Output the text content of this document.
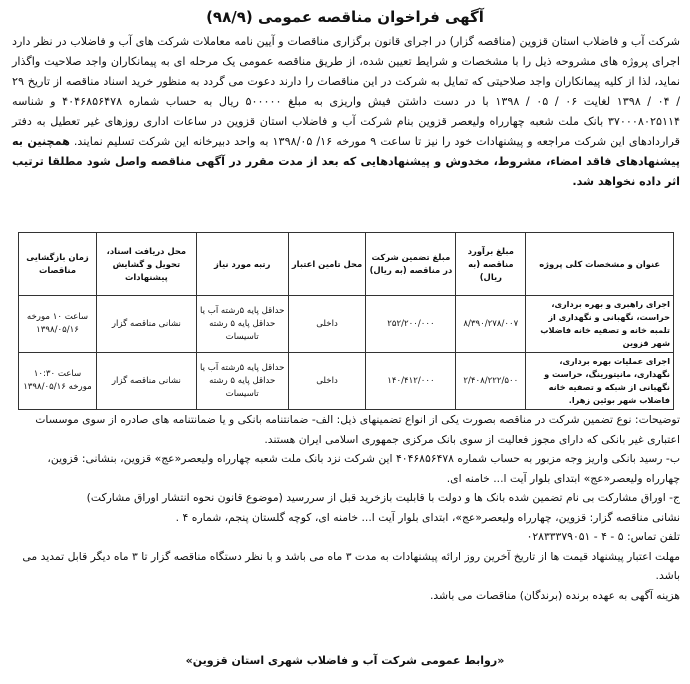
آگهی فراخوان مناقصه عمومی (۹۸/۹)
شرکت آب و فاضلاب استان قزوین (مناقصه گزار) در اجرای قانون برگزاری مناقصات و آیین نامه معاملات شرکت های آب و فاضلاب در نظر دارد اجرای پروژه های مشروحه ذیل را با مشخصات و شرایط تعیین شده، از طریق مناقصه عمومی یک مرحله ای به پیمانکاران واجد صلاحیت واگذار نماید، لذا از کلیه پیمانکاران واجد صلاحیتی که تمایل به شرکت در این مناقصات را دارند دعوت می گردد به منظور خرید اسناد مناقصه از تاریخ ۲۹ / ۰۴ / ۱۳۹۸ لغایت ۰۶ / ۰۵ / ۱۳۹۸ با در دست داشتن فیش واریزی به مبلغ ۵۰۰۰۰۰ ریال به حساب شماره ۴۰۴۶۸۵۶۴۷۸ و شناسه ۳۷۰۰۰۸۰۲۵۱۱۴ بانک ملت شعبه چهارراه ولیعصر قزوین بنام شرکت آب و فاضلاب استان قزوین در ساعات اداری روزهای غیر تعطیل به دفتر قراردادهای این شرکت مراجعه و پیشنهادات خود را نیز تا ساعت ۹ مورخه ۱۶/ ۱۳۹۸/۰۵ به واحد دبیرخانه این شرکت تسلیم نمایند. همچنین به پیشنهادهای فاقد امضاء، مشروط، مخدوش و پیشنهادهایی که بعد از مدت مقرر در آگهی مناقصه واصل شود مطلقا ترتیب اثر داده نخواهد شد.
عنوان و مشخصات کلی پروژه	مبلغ برآورد مناقصه (به ریال)	مبلغ تضمین شرکت در مناقصه (به ریال)	محل تامین اعتبار	رتبه مورد نیاز	محل دریافت اسناد، تحویل و گشایش پیشنهادات	زمان بازگشایی مناقصات
اجرای راهبری و بهره برداری، حراست، نگهبانی و نگهداری از تلمبه خانه و تصفیه خانه فاضلاب شهر قزوین	۸/۳۹۰/۲۷۸/۰۰۷	۲۵۲/۲۰۰/۰۰۰	داخلی	حداقل پایه ۵رشته آب یا حداقل پایه ۵ رشته تاسیسات	نشانی مناقصه گزار	ساعت ۱۰ مورخه ۱۳۹۸/۰۵/۱۶
اجرای عملیات بهره برداری، نگهداری، مانیتورینگ، حراست و نگهبانی از شبکه و تصفیه خانه فاضلاب شهر بوئین زهرا.	۲/۴۰۸/۲۲۲/۵۰۰	۱۴۰/۴۱۲/۰۰۰	داخلی	حداقل پایه ۵رشته آب یا حداقل پایه ۵ رشته تاسیسات	نشانی مناقصه گزار	ساعت ۱۰:۳۰ مورخه ۱۳۹۸/۰۵/۱۶

توضیحات: نوع تضمین شرکت در مناقصه بصورت یکی از انواع تضمینهای ذیل: الف- ضمانتنامه بانکی و یا ضمانتنامه های صادره از سوی موسسات اعتباری غیر بانکی که دارای مجوز فعالیت از سوی بانک مرکزی جمهوری اسلامی ایران هستند.

ب- رسید بانکی واریز وجه مزبور به حساب شماره ۴۰۴۶۸۵۶۴۷۸ این شرکت نزد بانک ملت شعبه چهارراه ولیعصر«عج» قزوین، بنشانی: قزوین، چهارراه ولیعصر«عج» ابتدای بلوار آیت ا... خامنه ای.

ج- اوراق مشارکت بی نام تضمین شده بانک ها و دولت با قابلیت بازخرید قبل از سررسید (موضوع قانون نحوه انتشار اوراق مشارکت)

نشانی مناقصه گزار: قزوین، چهارراه ولیعصر«عج»، ابتدای بلوار آیت ا... خامنه ای، کوچه گلستان پنجم، شماره ۴ .

تلفن تماس: ۵ - ۴ - ۰۲۸۳۳۳۷۹۰۵۱

مهلت اعتبار پیشنهاد قیمت ها از تاریخ آخرین روز ارائه پیشنهادات به مدت ۳ ماه می باشد و با نظر دستگاه مناقصه گزار تا ۳ ماه دیگر قابل تمدید می باشد.

هزینه آگهی به عهده برنده (برندگان) مناقصات می باشد.

«روابط عمومی شرکت آب و فاضلاب شهری استان قزوین»
